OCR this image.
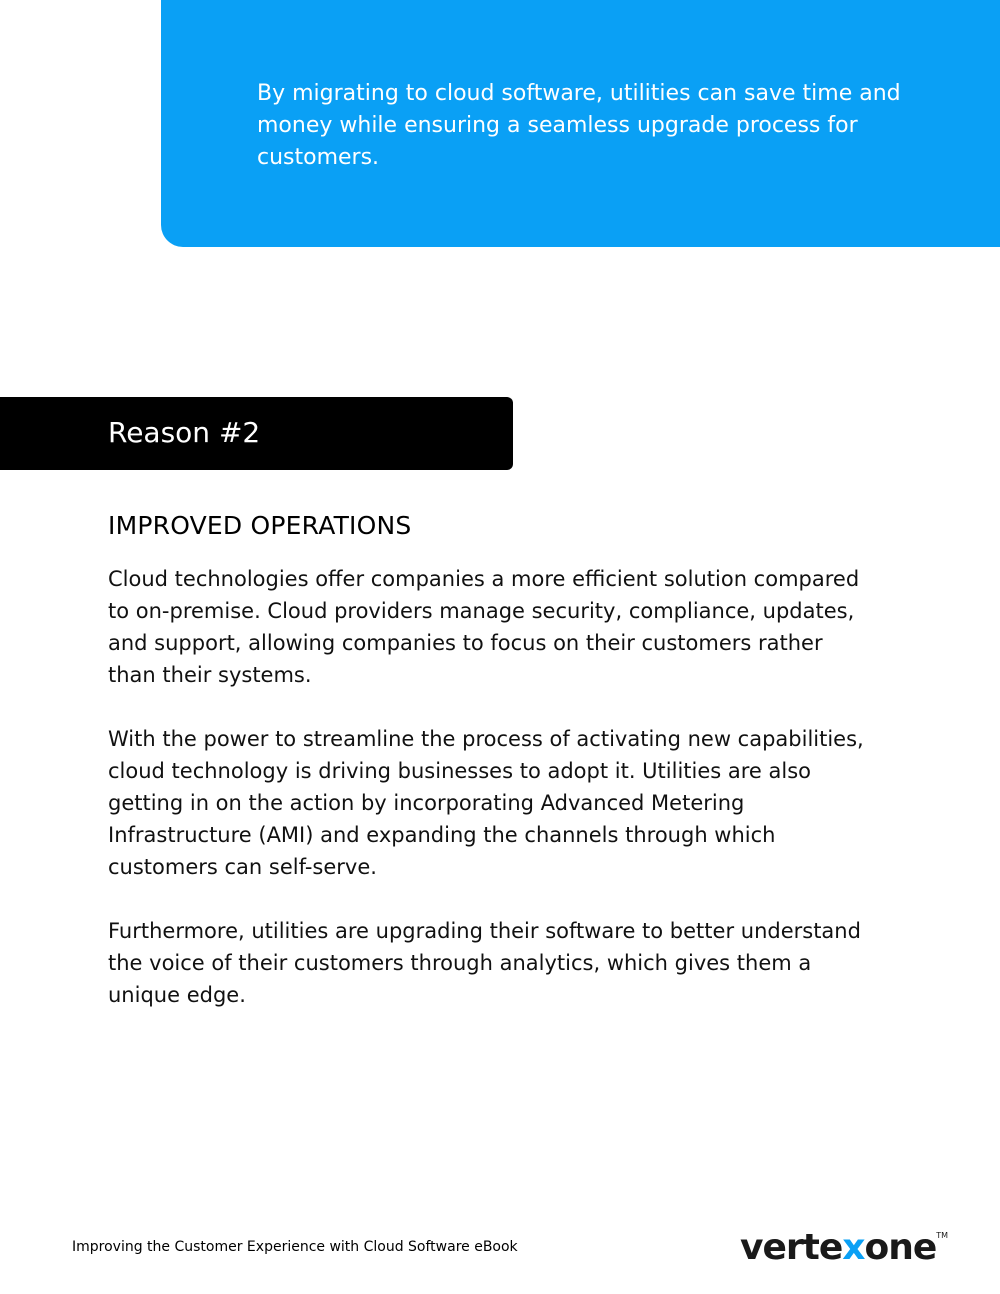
By migrating to cloud software, utilities can save time and money while ensuring a seamless upgrade process for customers.

Reason #2

IMPROVED OPERATIONS

Cloud technologies offer companies a more efficient solution compared to on-premise. Cloud providers manage security, compliance, updates, and support, allowing companies to focus on their customers rather than their systems.

With the power to streamline the process of activating new capabilities, cloud technology is driving businesses to adopt it. Utilities are also getting in on the action by incorporating Advanced Metering Infrastructure (AMI) and expanding the channels through which customers can self-serve.

Furthermore, utilities are upgrading their software to better understand the voice of their customers through analytics, which gives them a unique edge.

Improving the Customer Experience with Cloud Software eBook	vertexone™
